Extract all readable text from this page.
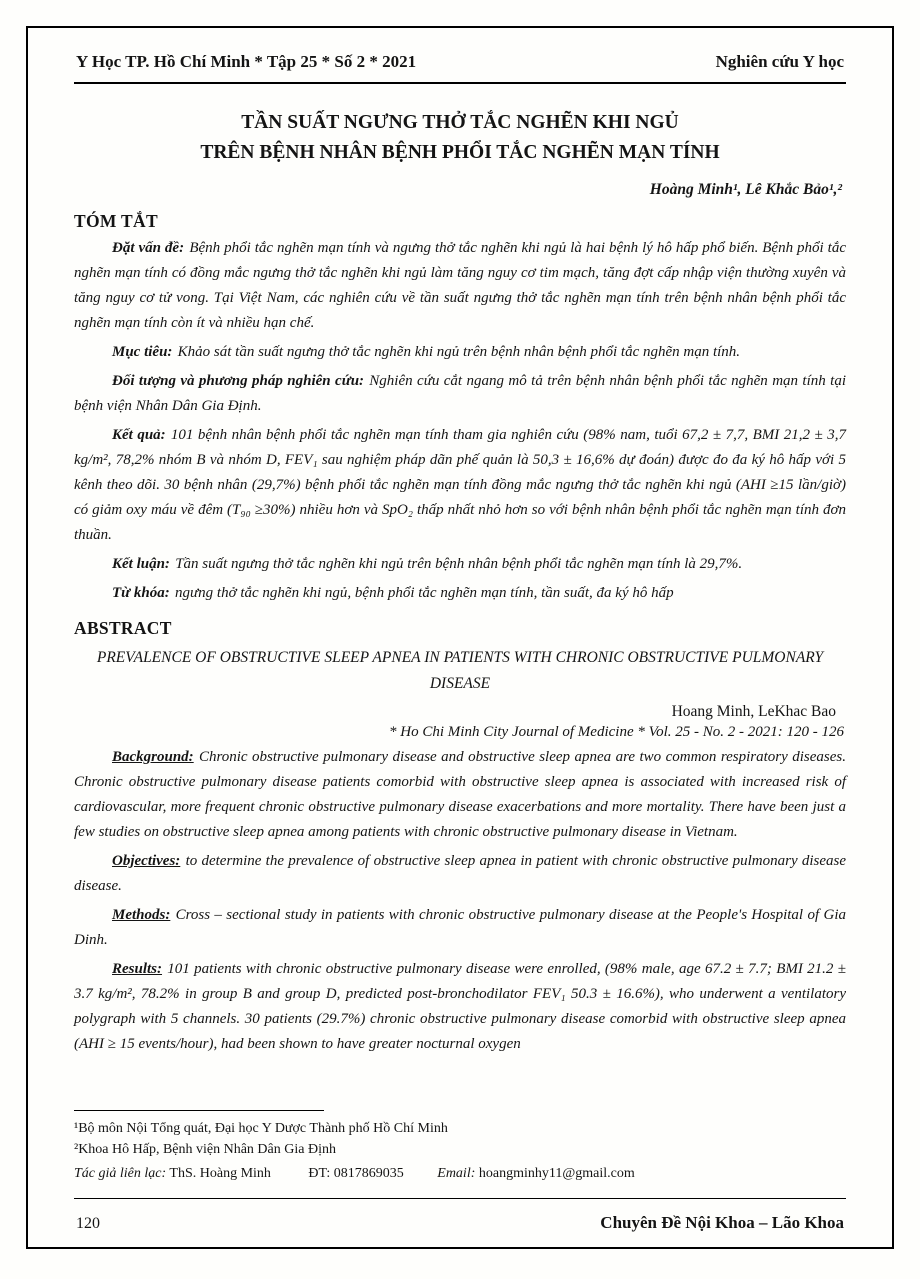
Y Học TP. Hồ Chí Minh * Tập 25 * Số 2 * 2021	Nghiên cứu Y học
TẦN SUẤT NGƯNG THỞ TẮC NGHẼN KHI NGỦ
TRÊN BỆNH NHÂN BỆNH PHỔI TẮC NGHẼN MẠN TÍNH
Hoàng Minh¹, Lê Khắc Bảo¹,²
TÓM TẮT

Đặt vấn đề: Bệnh phổi tắc nghẽn mạn tính và ngưng thở tắc nghẽn khi ngủ là hai bệnh lý hô hấp phổ biến. Bệnh phổi tắc nghẽn mạn tính có đồng mắc ngưng thở tắc nghẽn khi ngủ làm tăng nguy cơ tim mạch, tăng đợt cấp nhập viện thường xuyên và tăng nguy cơ tử vong. Tại Việt Nam, các nghiên cứu về tần suất ngưng thở tắc nghẽn mạn tính trên bệnh nhân bệnh phổi tắc nghẽn mạn tính còn ít và nhiều hạn chế.

Mục tiêu: Khảo sát tần suất ngưng thở tắc nghẽn khi ngủ trên bệnh nhân bệnh phổi tắc nghẽn mạn tính.

Đối tượng và phương pháp nghiên cứu: Nghiên cứu cắt ngang mô tả trên bệnh nhân bệnh phổi tắc nghẽn mạn tính tại bệnh viện Nhân Dân Gia Định.

Kết quả: 101 bệnh nhân bệnh phổi tắc nghẽn mạn tính tham gia nghiên cứu (98% nam, tuổi 67,2 ± 7,7, BMI 21,2 ± 3,7 kg/m², 78,2% nhóm B và nhóm D, FEV₁ sau nghiệm pháp dãn phế quản là 50,3 ± 16,6% dự đoán) được đo đa ký hô hấp với 5 kênh theo dõi. 30 bệnh nhân (29,7%) bệnh phổi tắc nghẽn mạn tính đồng mắc ngưng thở tắc nghẽn khi ngủ (AHI ≥15 lần/giờ) có giảm oxy máu về đêm (T₉₀ ≥30%) nhiều hơn và SpO₂ thấp nhất nhỏ hơn so với bệnh nhân bệnh phổi tắc nghẽn mạn tính đơn thuần.

Kết luận: Tần suất ngưng thở tắc nghẽn khi ngủ trên bệnh nhân bệnh phổi tắc nghẽn mạn tính là 29,7%.

Từ khóa: ngưng thở tắc nghẽn khi ngủ, bệnh phổi tắc nghẽn mạn tính, tần suất, đa ký hô hấp

ABSTRACT
PREVALENCE OF OBSTRUCTIVE SLEEP APNEA IN PATIENTS WITH CHRONIC OBSTRUCTIVE PULMONARY DISEASE
Hoang Minh, LeKhac Bao
* Ho Chi Minh City Journal of Medicine * Vol. 25 - No. 2 - 2021: 120 - 126

Background: Chronic obstructive pulmonary disease and obstructive sleep apnea are two common respiratory diseases. Chronic obstructive pulmonary disease patients comorbid with obstructive sleep apnea is associated with increased risk of cardiovascular, more frequent chronic obstructive pulmonary disease exacerbations and more mortality. There have been just a few studies on obstructive sleep apnea among patients with chronic obstructive pulmonary disease in Vietnam.

Objectives: to determine the prevalence of obstructive sleep apnea in patient with chronic obstructive pulmonary disease disease.

Methods: Cross – sectional study in patients with chronic obstructive pulmonary disease at the People's Hospital of Gia Dinh.

Results: 101 patients with chronic obstructive pulmonary disease were enrolled, (98% male, age 67.2 ± 7.7; BMI 21.2 ± 3.7 kg/m², 78.2% in group B and group D, predicted post-bronchodilator FEV₁ 50.3 ± 16.6%), who underwent a ventilatory polygraph with 5 channels. 30 patients (29.7%) chronic obstructive pulmonary disease comorbid with obstructive sleep apnea (AHI ≥ 15 events/hour), had been shown to have greater nocturnal oxygen

¹Bộ môn Nội Tổng quát, Đại học Y Dược Thành phố Hồ Chí Minh
²Khoa Hô Hấp, Bệnh viện Nhân Dân Gia Định
Tác giả liên lạc: ThS. Hoàng Minh	ĐT: 0817869035 Email: hoangminhy11@gmail.com
120	Chuyên Đề Nội Khoa – Lão Khoa
